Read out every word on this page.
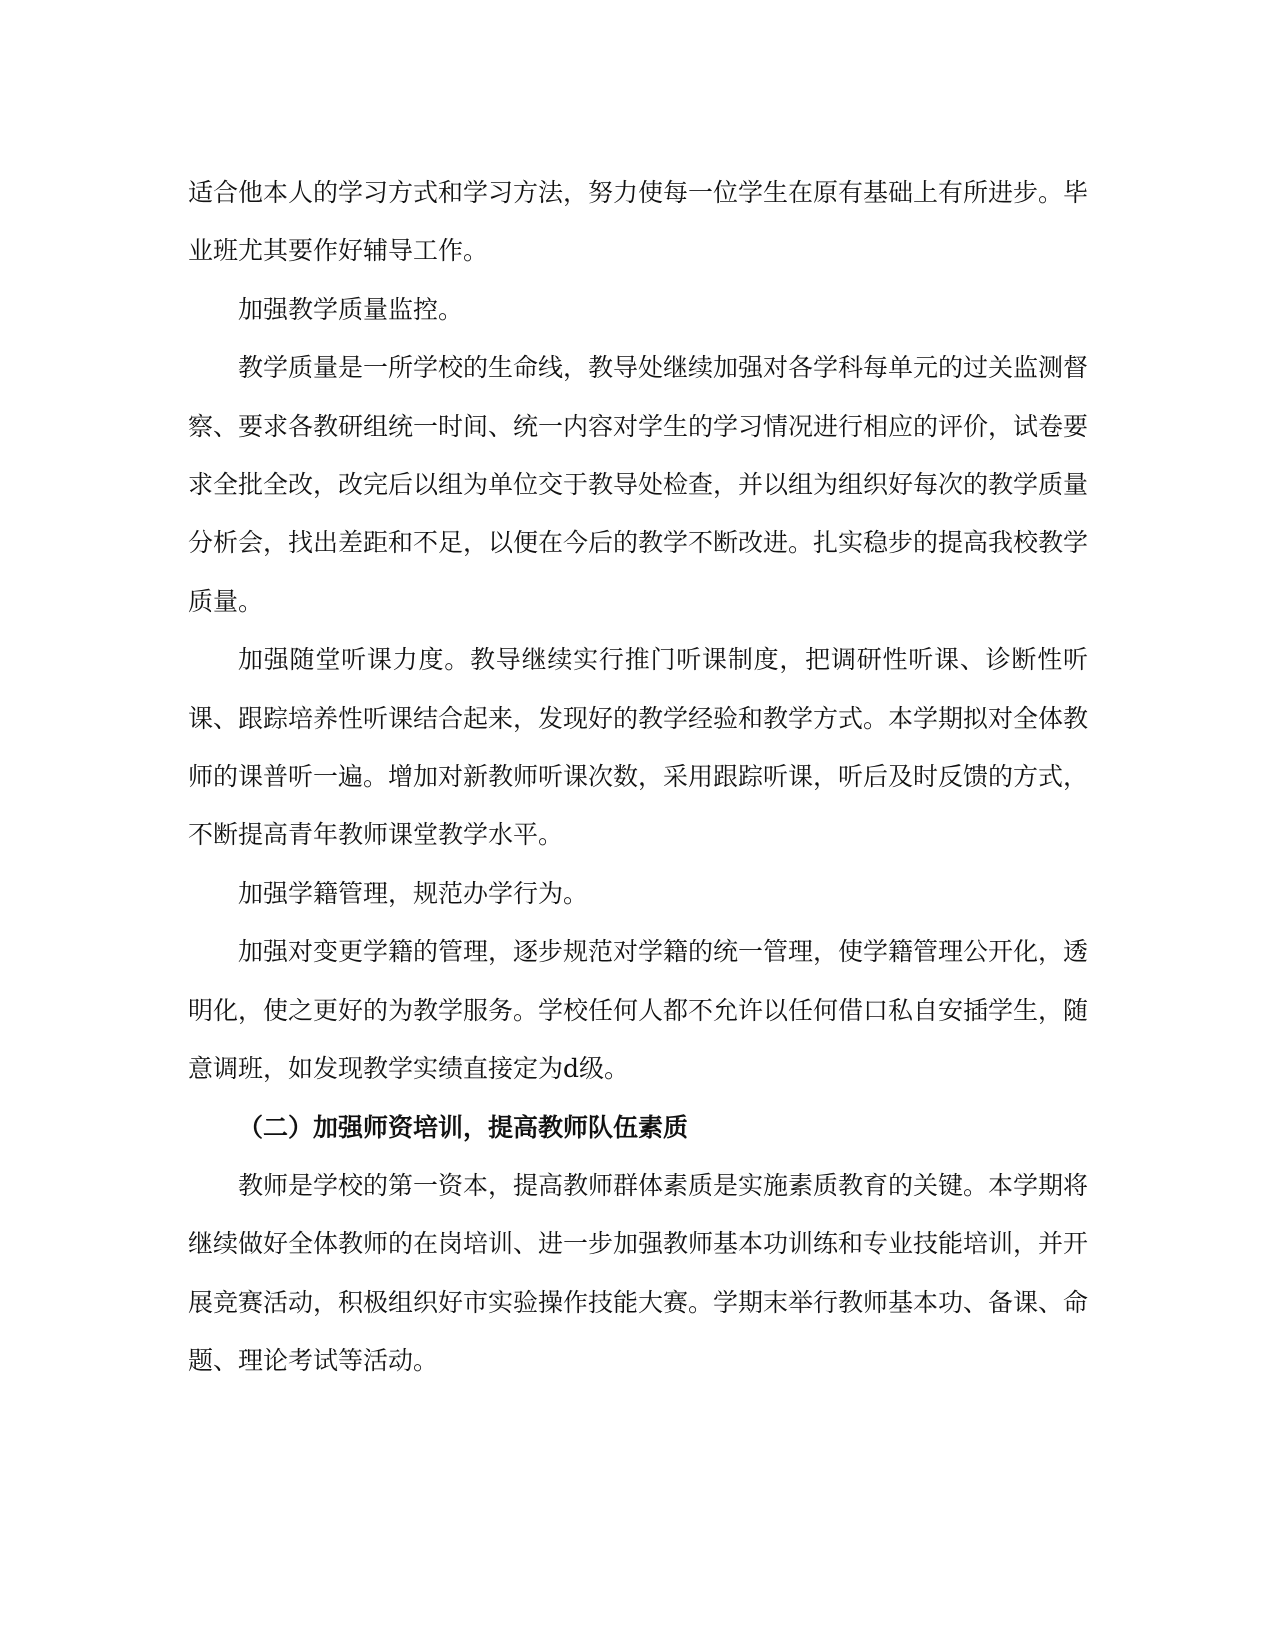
适合他本人的学习方式和学习方法，努力使每一位学生在原有基础上有所进步。毕业班尤其要作好辅导工作。

加强教学质量监控。

教学质量是一所学校的生命线，教导处继续加强对各学科每单元的过关监测督察、要求各教研组统一时间、统一内容对学生的学习情况进行相应的评价，试卷要求全批全改，改完后以组为单位交于教导处检查，并以组为组织好每次的教学质量分析会，找出差距和不足，以便在今后的教学不断改进。扎实稳步的提高我校教学质量。

加强随堂听课力度。教导继续实行推门听课制度，把调研性听课、诊断性听课、跟踪培养性听课结合起来，发现好的教学经验和教学方式。本学期拟对全体教师的课普听一遍。增加对新教师听课次数，采用跟踪听课，听后及时反馈的方式，不断提高青年教师课堂教学水平。

加强学籍管理，规范办学行为。

加强对变更学籍的管理，逐步规范对学籍的统一管理，使学籍管理公开化，透明化，使之更好的为教学服务。学校任何人都不允许以任何借口私自安插学生，随意调班，如发现教学实绩直接定为d级。

（二）加强师资培训，提高教师队伍素质

教师是学校的第一资本，提高教师群体素质是实施素质教育的关键。本学期将继续做好全体教师的在岗培训、进一步加强教师基本功训练和专业技能培训，并开展竞赛活动，积极组织好市实验操作技能大赛。学期末举行教师基本功、备课、命题、理论考试等活动。
